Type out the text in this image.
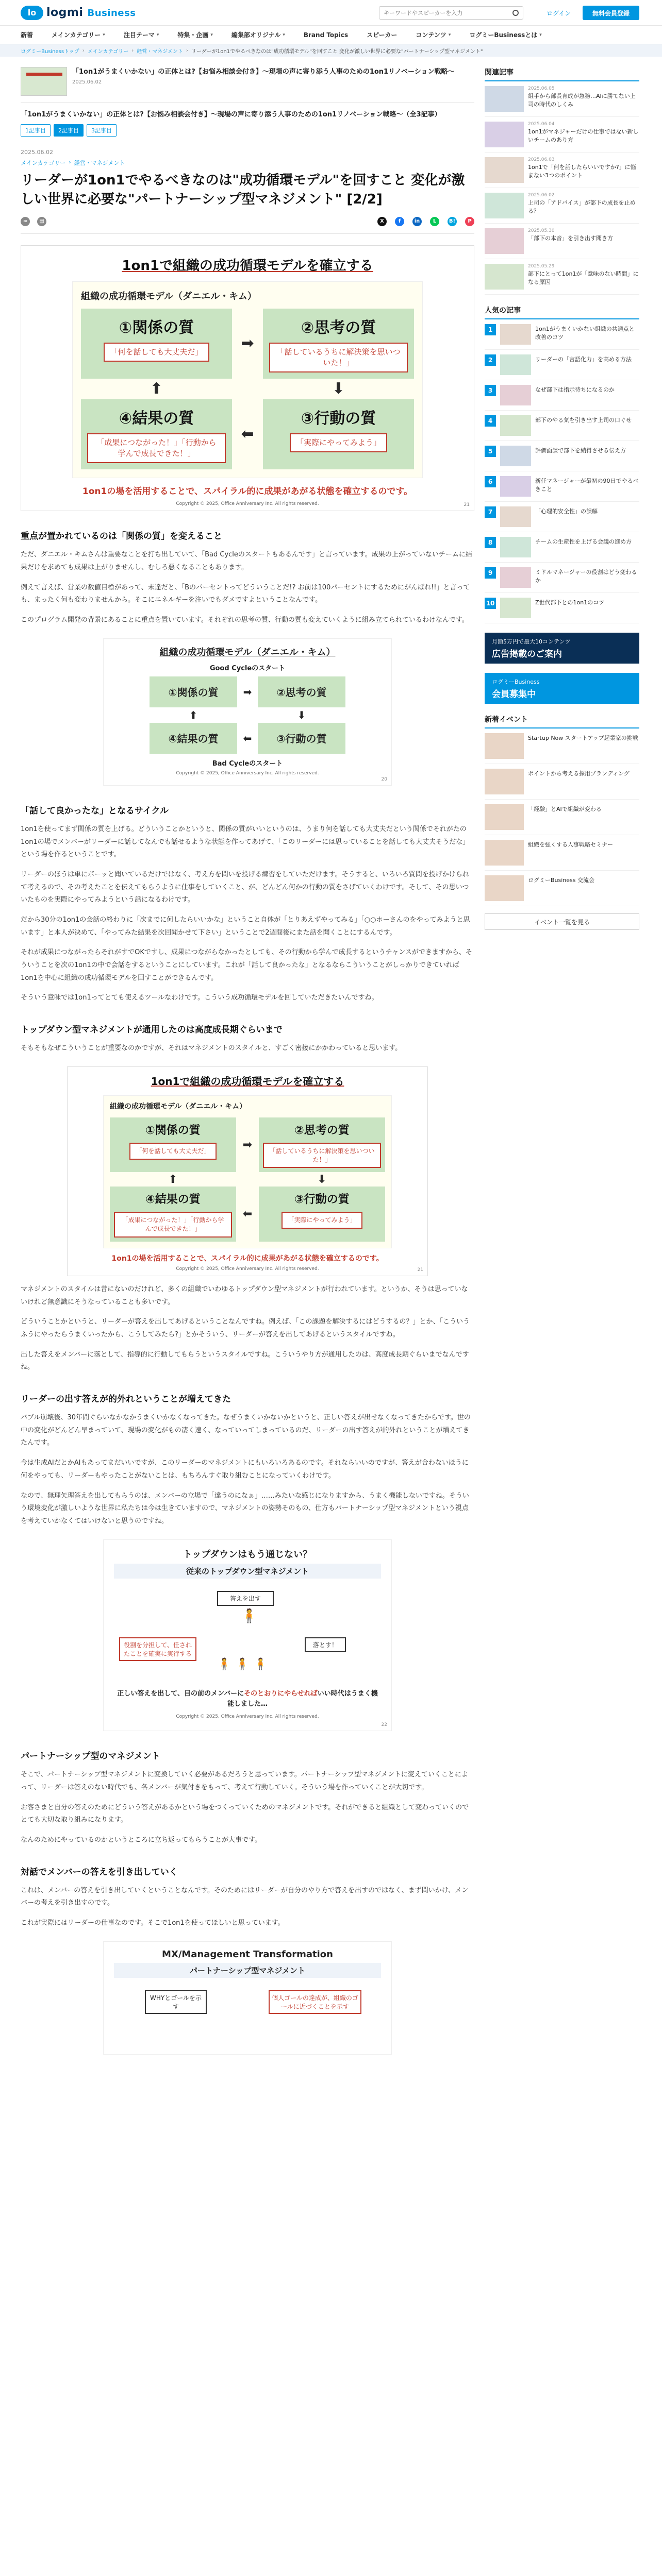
lo logmi Business
キーワードやスピーカーを入力	ログイン	無料会員登録
新着	メインカテゴリー ▾	注目テーマ ▾	特集・企画 ▾	編集部オリジナル ▾	Brand Topics	スピーカー	コンテンツ ▾	ログミーBusinessとは ▾
ログミーBusinessトップ › メインカテゴリー › 経営・マネジメント › リーダーが1on1でやるべきなのは"成功循環モデル"を回すこと 変化が激しい世界に必要な"パートナーシップ型マネジメント"
「1on1がうまくいかない」の正体とは?【お悩み相談会付き】～現場の声に寄り添う人事のための1on1リノベーション戦略～
2025.06.02
「1on1がうまくいかない」の正体とは?【お悩み相談会付き】～現場の声に寄り添う人事のための1on1リノベーション戦略～（全3記事）
1記事目	2記事目	3記事目
2025.06.02
メインカテゴリー › 経営・マネジメント
リーダーが1on1でやるべきなのは"成功循環モデル"を回すこと 変化が激しい世界に必要な"パートナーシップ型マネジメント" [2/2]
∞	▤	X	f	in	L	B!	P
1on1で組織の成功循環モデルを確立する
組織の成功循環モデル（ダニエル・キム）
①関係の質
「何を話しても大丈夫だ」	➡
②思考の質
「話しているうちに解決策を思いついた！」
⬆	⬇
④結果の質
「成果につながった！」「行動から学んで成長できた！」
⬅
③行動の質
「実際にやってみよう」
1on1の場を活用することで、スパイラル的に成果があがる状態を確立するのです。
Copyright © 2025, Office Anniversary Inc. All rights reserved.	21
重点が置かれているのは「関係の質」を変えること

ただ、ダニエル・キムさんは重要なことを打ち出していて、「Bad Cycleのスタートもあるんです」と言っています。成果の上がっていないチームに結果だけを求めても成果は上がりませんし、むしろ悪くなることもあります。

例えて言えば、営業の数値目標があって、未達だと、「Bのパーセントってどういうことだ!? お前は100パーセントにするためにがんばれ!!」と言っても、まったく何も変わりませんから。そこにエネルギーを注いでもダメですよということなんです。

このプログラム開発の背景にあることに重点を置いています。それぞれの思考の質、行動の質も変えていくように組み立てられているわけなんです。

組織の成功循環モデル（ダニエル・キム）
Good Cycleのスタート
①関係の質	➡	②思考の質
⬆	⬇
④結果の質	⬅	③行動の質
Bad Cycleのスタート
Copyright © 2025, Office Anniversary Inc. All rights reserved.
20
「話して良かったな」となるサイクル

1on1を使ってまず関係の質を上げる。どういうことかというと、関係の質がいいというのは、うまり何を話しても大丈夫だという関係でそれがたの1on1の場でメンバーがリーダーに話してなんでも話せるような状態を作ってあげて、「このリーダーには思っていることを話しても大丈夫そうだな」という場を作るということです。

リーダーのほうは単にボーッと聞いているだけではなく、考え方を問いを投げる練習をしていただけます。そうすると、いろいろ質問を投げかけられて考えるので、その考えたことを伝えてもらうように仕事をしていくこと、が、どんどん何かの行動の質をさげていくわけです。そして、その思いついたものを実際にやってみようという話になるわけです。

だから30分の1on1の会話の終わりに「次までに何したらいいかな」ということ自体が「とりあえずやってみる」「○○ホーさんのをやってみようと思います」と本人が決めて、「やってみた結果を次回聞かせて下さい」ということで2週間後にまた話を聞くことにするんです。

それが成果につながったらそれがすでOKですし、成果につながらなかったとしても、その行動から学んで成長するというチャンスができますから、そういうことを次の1on1の中で会話をするということにしています。これが「話して良かったな」となるならこういうことがしっかりできていれば1on1を中心に組織の成功循環モデルを回すことができるんです。

そういう意味では1on1ってとても使えるツールなわけです。こういう成功循環モデルを回していただきたいんですね。

トップダウン型マネジメントが通用したのは高度成長期ぐらいまで

そもそもなぜこういうことが重要なのかですが、それはマネジメントのスタイルと、すごく密接にかかわっていると思います。

1on1で組織の成功循環モデルを確立する
組織の成功循環モデル（ダニエル・キム）
①関係の質
「何を話しても大丈夫だ」	➡
②思考の質
「話しているうちに解決策を思いついた！」
⬆	⬇
④結果の質
「成果につながった！」「行動から学んで成長できた！」
⬅
③行動の質
「実際にやってみよう」
1on1の場を活用することで、スパイラル的に成果があがる状態を確立するのです。
Copyright © 2025, Office Anniversary Inc. All rights reserved.	21

マネジメントのスタイルは昔にないのだけれど、多くの組織でいわゆるトップダウン型マネジメントが行われています。というか、そうは思っていないけれど無意識にそうなっていることも多いです。

どういうことかというと、リーダーが答えを出してあげるということなんですね。例えば、「この課題を解決するにはどうするの？」とか、「こういうふうにやったらうまくいったから、こうしてみたら?」とかそういう、リーダーが答えを出してあげるというスタイルですね。

出した答えをメンバーに落として、指導的に行動してもらうというスタイルですね。こういうやり方が通用したのは、高度成長期ぐらいまでなんですね。

リーダーの出す答えが的外れということが増えてきた

バブル崩壊後、30年間ぐらいなかなかうまくいかなくなってきた。なぜうまくいかないかというと、正しい答えが出せなくなってきたからです。世の中の変化がどんどん早まっていて、現場の変化がもの凄く速く、なっていってしまっているのだ、リーダーの出す答えが的外れということが増えてきたんです。

今は生成AIだとかAIもあってまだいいですが、このリーダーのマネジメントにもいろいろあるのです。それならいいのですが、答えが合わないほうに何をやっても、リーダーもやったことがないことは、もちろんすぐ取り組むことになっていくわけです。

なので、無理矢理答えを出してもらうのは、メンバーの立場で「違うのになぁ」……みたいな感じになりますから、うまく機能しないですね。そういう環境変化が激しいような世界に私たちは今は生きていますので、マネジメントの姿勢そのもの、仕方もパートナーシップ型マネジメントという視点を考えていかなくてはいけないと思うのですね。

トップダウンはもう通じない？
従来のトップダウン型マネジメント
答えを出す
🧍
役割を分担して、任されたことを確実に実行する
落とす！
🧍🧍🧍
正しい答えを出して、目の前のメンバーにそのとおりにやらせればいい時代はうまく機能しました…
Copyright © 2025, Office Anniversary Inc. All rights reserved.
22
パートナーシップ型のマネジメント

そこで、パートナーシップ型マネジメントに変換していく必要があるだろうと思っています。パートナーシップ型マネジメントに変えていくことによって、リーダーは答えのない時代でも、各メンバーが気付きをもって、考えて行動していく。そういう場を作っていくことが大切です。

お客さまと自分の答えのためにどういう答えがあるかという場をつくっていくためのマネジメントです。それができると組織として変わっていくのでとても大切な取り組みになります。

なんのためにやっているのかというところに立ち返ってもらうことが大事です。

対話でメンバーの答えを引き出していく

これは、メンバーの答えを引き出していくということなんです。そのためにはリーダーが自分のやり方で答えを出すのではなく、まず問いかけ、メンバーの考えを引き出すのです。

これが実際にはリーダーの仕事なのです。そこで1on1を使ってほしいと思っています。

MX/Management Transformation
パートナーシップ型マネジメント
WHYとゴールを示す
個人ゴールの達成が、組織のゴールに近づくことを示す
関連記事
2025.06.05
組手から部長育成が急務…AIに勝てない上司の時代のしくみ
2025.06.04
1on1がマネジャーだけの仕事ではない新しいチームのあり方
2025.06.03
1on1で「何を話したらいいですか?」に悩まない3つのポイント
2025.06.02
上司の「アドバイス」が部下の成長を止める？
2025.05.30
「部下の本音」を引き出す聞き方
2025.05.29
部下にとって1on1が「意味のない時間」になる原因
人気の記事
1	1on1がうまくいかない組織の共通点と改善のコツ
2	リーダーの「言語化力」を高める方法
3	なぜ部下は指示待ちになるのか
4	部下のやる気を引き出す上司の口ぐせ
5	評価面談で部下を納得させる伝え方
6	新任マネージャーが最初の90日でやるべきこと
7	「心理的安全性」の誤解
8	チームの生産性を上げる会議の進め方
9	ミドルマネージャーの役割はどう変わるか
10	Z世代部下との1on1のコツ
月額5万円で最大10コンテンツ
広告掲載のご案内
ログミーBusiness
会員募集中
新着イベント
Startup Now スタートアップ起業家の挑戦
ポイントから考える採用ブランディング
「経験」とAIで組織が変わる
組織を強くする人事戦略セミナー
ログミーBusiness 交流会
イベント一覧を見る
